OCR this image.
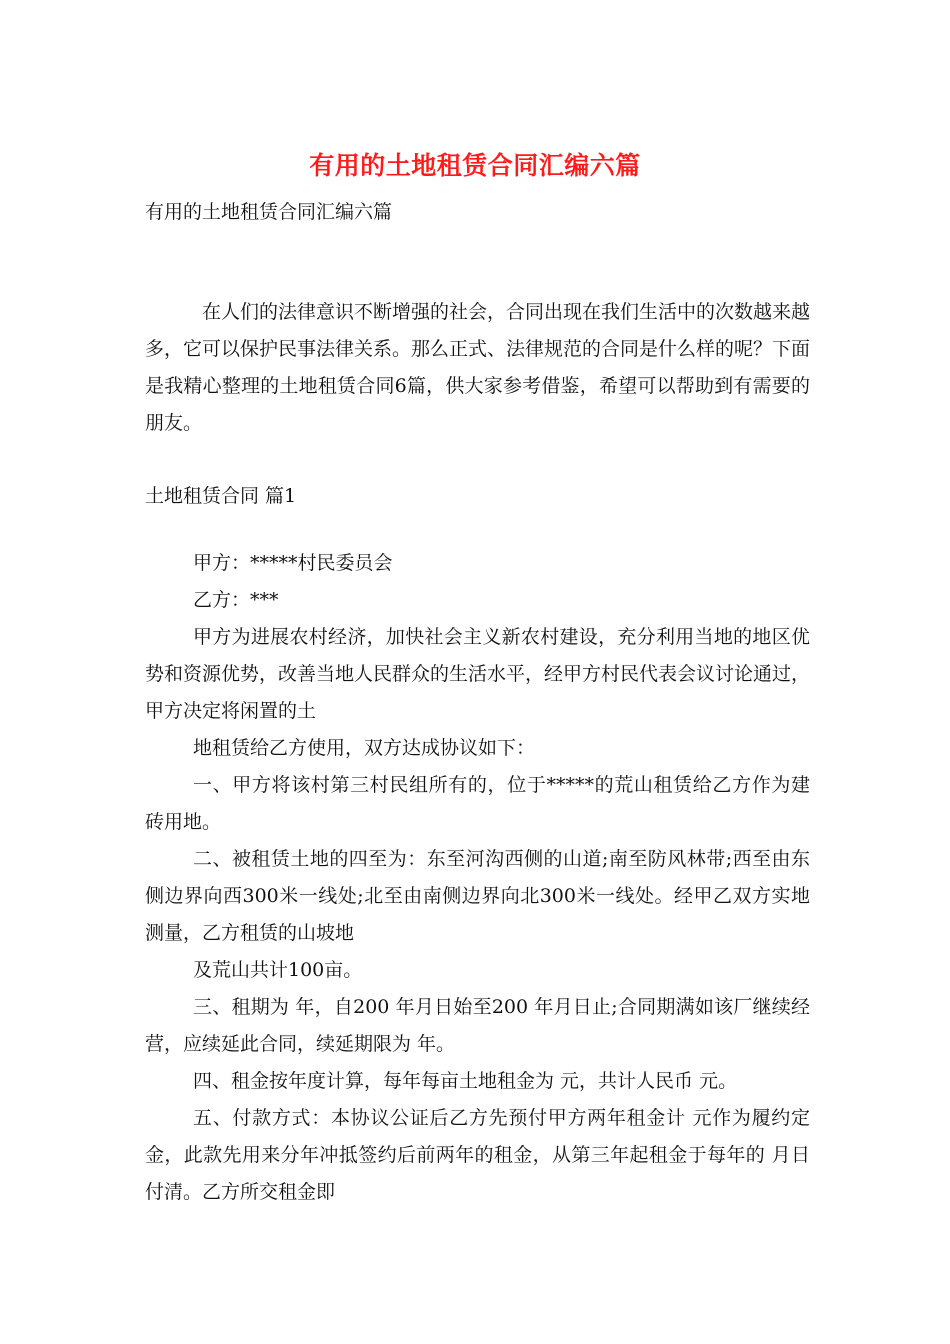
有用的土地租赁合同汇编六篇
有用的土地租赁合同汇编六篇
在人们的法律意识不断增强的社会，合同出现在我们生活中的次数越来越多，它可以保护民事法律关系。那么正式、法律规范的合同是什么样的呢？下面是我精心整理的土地租赁合同6篇，供大家参考借鉴，希望可以帮助到有需要的朋友。
土地租赁合同 篇1

甲方：*****村民委员会

乙方：***

甲方为进展农村经济，加快社会主义新农村建设，充分利用当地的地区优势和资源优势，改善当地人民群众的生活水平，经甲方村民代表会议讨论通过，甲方决定将闲置的土

地租赁给乙方使用，双方达成协议如下：

一、甲方将该村第三村民组所有的，位于*****的荒山租赁给乙方作为建砖用地。

二、被租赁土地的四至为：东至河沟西侧的山道;南至防风林带;西至由东侧边界向西300米一线处;北至由南侧边界向北300米一线处。经甲乙双方实地测量，乙方租赁的山坡地

及荒山共计100亩。

三、租期为 年，自200 年月日始至200 年月日止;合同期满如该厂继续经营，应续延此合同，续延期限为 年。

四、租金按年度计算，每年每亩土地租金为 元，共计人民币 元。

五、付款方式：本协议公证后乙方先预付甲方两年租金计 元作为履约定金，此款先用来分年冲抵签约后前两年的租金，从第三年起租金于每年的 月日付清。乙方所交租金即
